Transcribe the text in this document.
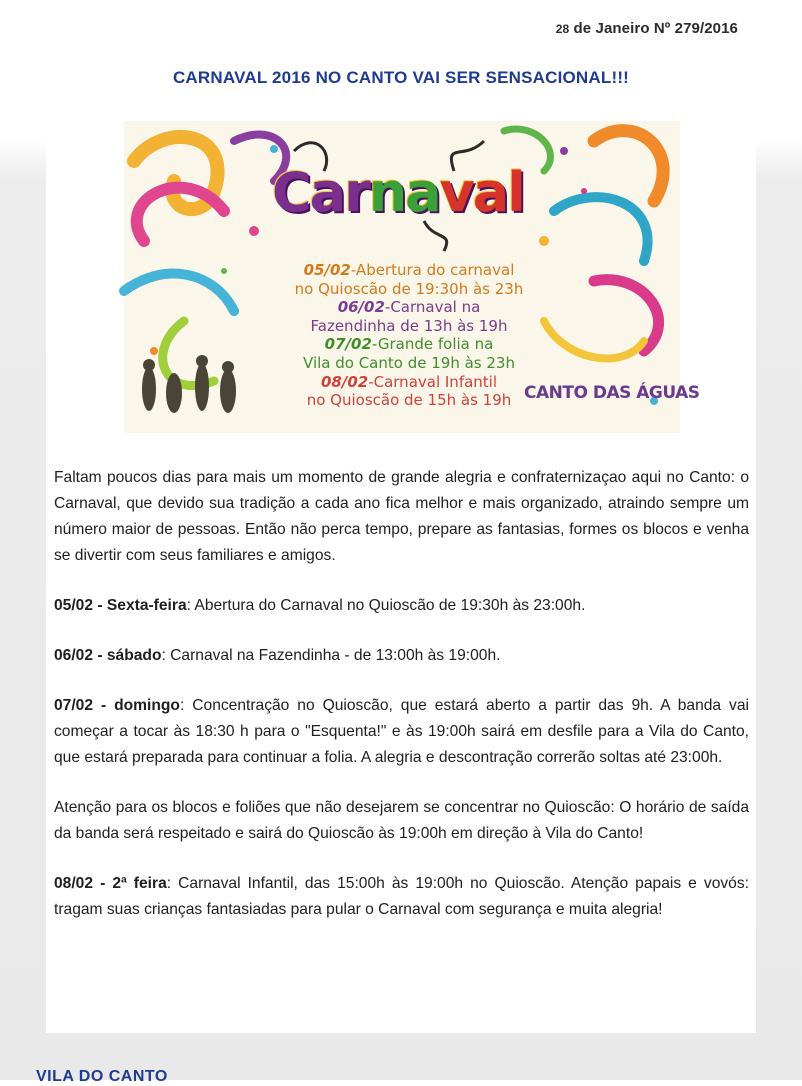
28 de Janeiro Nº 279/2016
CARNAVAL 2016 NO CANTO VAI SER SENSACIONAL!!!
Carnaval
05/02-Abertura do carnaval
no Quioscão de 19:30h às 23h
06/02-Carnaval na
Fazendinha de 13h às 19h
07/02-Grande folia na
Vila do Canto de 19h às 23h
08/02-Carnaval Infantil
no Quioscão de 15h às 19h CANTO DAS ÁGUAS

Faltam poucos dias para mais um momento de grande alegria e confraternizaçao aqui no Canto: o Carnaval, que devido sua tradição a cada ano fica melhor e mais organizado, atraindo sempre um número maior de pessoas. Então não perca tempo, prepare as fantasias, formes os blocos e venha se divertir com seus familiares e amigos.

05/02 - Sexta-feira: Abertura do Carnaval no Quioscão de 19:30h às 23:00h.

06/02 - sábado: Carnaval na Fazendinha - de 13:00h às 19:00h.

07/02 - domingo: Concentração no Quioscão, que estará aberto a partir das 9h. A banda vai começar a tocar às 18:30 h para o "Esquenta!" e às 19:00h sairá em desfile para a Vila do Canto, que estará preparada para continuar a folia. A alegria e descontração correrão soltas até 23:00h.

Atenção para os blocos e foliões que não desejarem se concentrar no Quioscão: O horário de saída da banda será respeitado e sairá do Quioscão às 19:00h em direção à Vila do Canto!

08/02 - 2ª feira: Carnaval Infantil, das 15:00h às 19:00h no Quioscão. Atenção papais e vovós: tragam suas crianças fantasiadas para pular o Carnaval com segurança e muita alegria!

VILA DO CANTO
